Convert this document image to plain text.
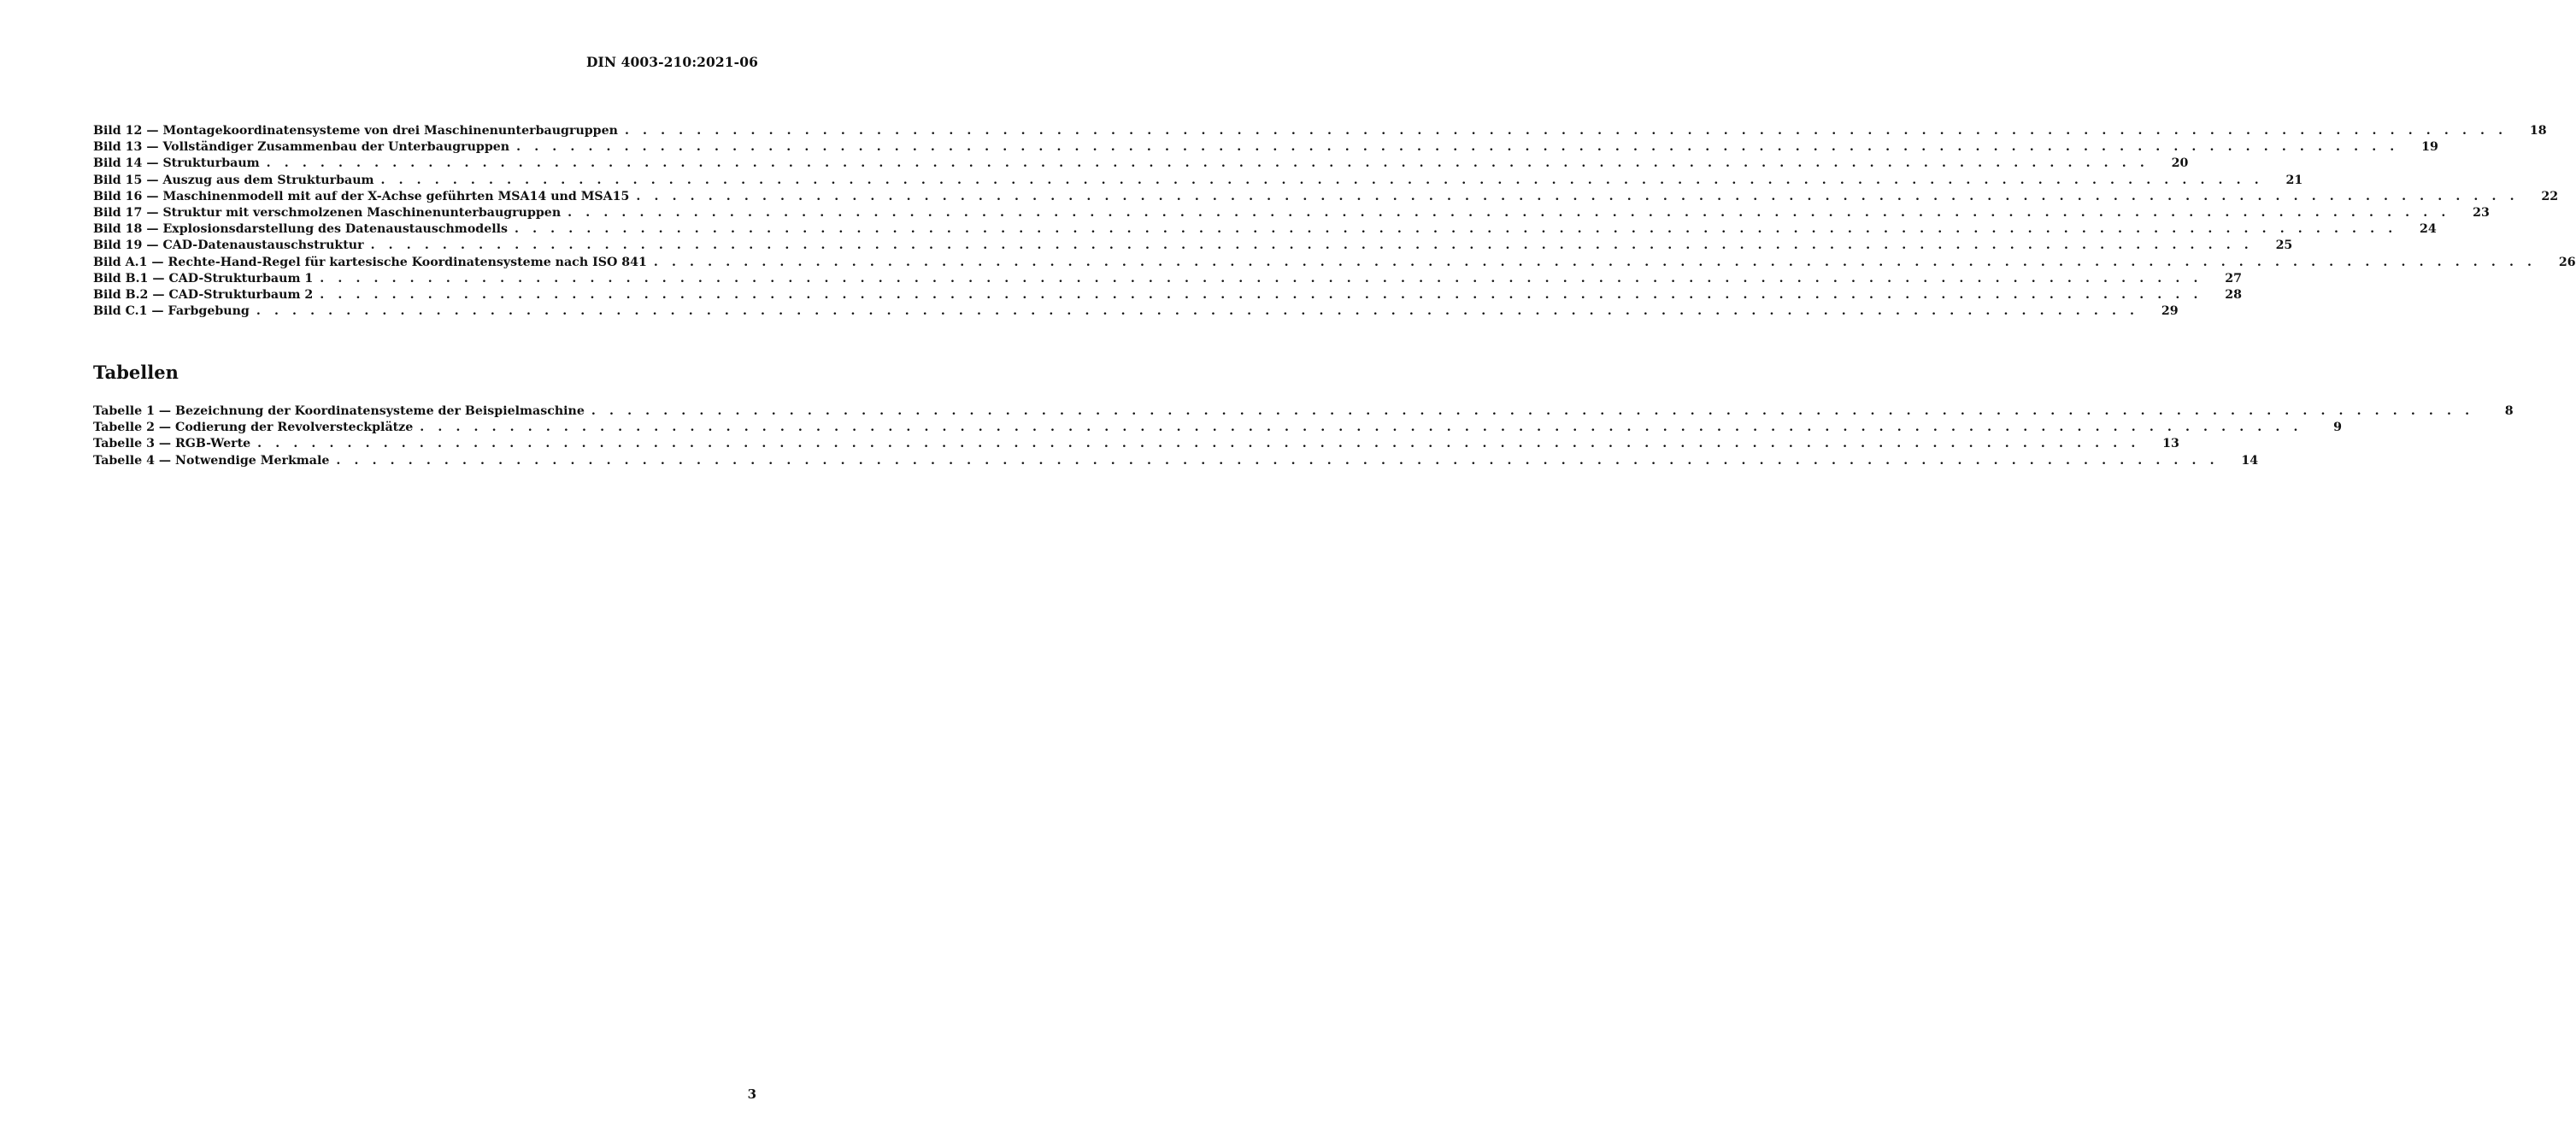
DIN 4003-210:2021-06
Bild 12 — Montagekoordinatensysteme von drei Maschinenunterbaugruppen . . . . . . . . . . . . . . . . . . . . . . . . . . . . . . . . . . . . . . . . . . . . . . . . . . . . . . . . . . . . . . . . . . . . . . . . . . . . . . . . . . . . . . . . . . . . . . . . . . . . . . . . .	18
Bild 13 — Vollständiger Zusammenbau der Unterbaugruppen . . . . . . . . . . . . . . . . . . . . . . . . . . . . . . . . . . . . . . . . . . . . . . . . . . . . . . . . . . . . . . . . . . . . . . . . . . . . . . . . . . . . . . . . . . . . . . . . . . . . . . . . .	19
Bild 14 — Strukturbaum . . . . . . . . . . . . . . . . . . . . . . . . . . . . . . . . . . . . . . . . . . . . . . . . . . . . . . . . . . . . . . . . . . . . . . . . . . . . . . . . . . . . . . . . . . . . . . . . . . . . . . . . .	20
Bild 15 — Auszug aus dem Strukturbaum . . . . . . . . . . . . . . . . . . . . . . . . . . . . . . . . . . . . . . . . . . . . . . . . . . . . . . . . . . . . . . . . . . . . . . . . . . . . . . . . . . . . . . . . . . . . . . . . . . . . . . . . .	21
Bild 16 — Maschinenmodell mit auf der X-Achse geführten MSA14 und MSA15 . . . . . . . . . . . . . . . . . . . . . . . . . . . . . . . . . . . . . . . . . . . . . . . . . . . . . . . . . . . . . . . . . . . . . . . . . . . . . . . . . . . . . . . . . . . . . . . . . . . . . . . . .	22
Bild 17 — Struktur mit verschmolzenen Maschinenunterbaugruppen . . . . . . . . . . . . . . . . . . . . . . . . . . . . . . . . . . . . . . . . . . . . . . . . . . . . . . . . . . . . . . . . . . . . . . . . . . . . . . . . . . . . . . . . . . . . . . . . . . . . . . . . .	23
Bild 18 — Explosionsdarstellung des Datenaustauschmodells . . . . . . . . . . . . . . . . . . . . . . . . . . . . . . . . . . . . . . . . . . . . . . . . . . . . . . . . . . . . . . . . . . . . . . . . . . . . . . . . . . . . . . . . . . . . . . . . . . . . . . . . .	24
Bild 19 — CAD-Datenaustauschstruktur . . . . . . . . . . . . . . . . . . . . . . . . . . . . . . . . . . . . . . . . . . . . . . . . . . . . . . . . . . . . . . . . . . . . . . . . . . . . . . . . . . . . . . . . . . . . . . . . . . . . . . . . .	25
Bild A.1 — Rechte-Hand-Regel für kartesische Koordinatensysteme nach ISO 841 . . . . . . . . . . . . . . . . . . . . . . . . . . . . . . . . . . . . . . . . . . . . . . . . . . . . . . . . . . . . . . . . . . . . . . . . . . . . . . . . . . . . . . . . . . . . . . . . . . . . . . . . .	26
Bild B.1 — CAD-Strukturbaum 1 . . . . . . . . . . . . . . . . . . . . . . . . . . . . . . . . . . . . . . . . . . . . . . . . . . . . . . . . . . . . . . . . . . . . . . . . . . . . . . . . . . . . . . . . . . . . . . . . . . . . . . . . .	27
Bild B.2 — CAD-Strukturbaum 2 . . . . . . . . . . . . . . . . . . . . . . . . . . . . . . . . . . . . . . . . . . . . . . . . . . . . . . . . . . . . . . . . . . . . . . . . . . . . . . . . . . . . . . . . . . . . . . . . . . . . . . . . .	28
Bild C.1 — Farbgebung . . . . . . . . . . . . . . . . . . . . . . . . . . . . . . . . . . . . . . . . . . . . . . . . . . . . . . . . . . . . . . . . . . . . . . . . . . . . . . . . . . . . . . . . . . . . . . . . . . . . . . . . .	29
Tabellen
Tabelle 1 — Bezeichnung der Koordinatensysteme der Beispielmaschine . . . . . . . . . . . . . . . . . . . . . . . . . . . . . . . . . . . . . . . . . . . . . . . . . . . . . . . . . . . . . . . . . . . . . . . . . . . . . . . . . . . . . . . . . . . . . . . . . . . . . . . . .	8
Tabelle 2 — Codierung der Revolversteckplätze . . . . . . . . . . . . . . . . . . . . . . . . . . . . . . . . . . . . . . . . . . . . . . . . . . . . . . . . . . . . . . . . . . . . . . . . . . . . . . . . . . . . . . . . . . . . . . . . . . . . . . . . .	9
Tabelle 3 — RGB-Werte . . . . . . . . . . . . . . . . . . . . . . . . . . . . . . . . . . . . . . . . . . . . . . . . . . . . . . . . . . . . . . . . . . . . . . . . . . . . . . . . . . . . . . . . . . . . . . . . . . . . . . . . .	13
Tabelle 4 — Notwendige Merkmale . . . . . . . . . . . . . . . . . . . . . . . . . . . . . . . . . . . . . . . . . . . . . . . . . . . . . . . . . . . . . . . . . . . . . . . . . . . . . . . . . . . . . . . . . . . . . . . . . . . . . . . . .	14
3
